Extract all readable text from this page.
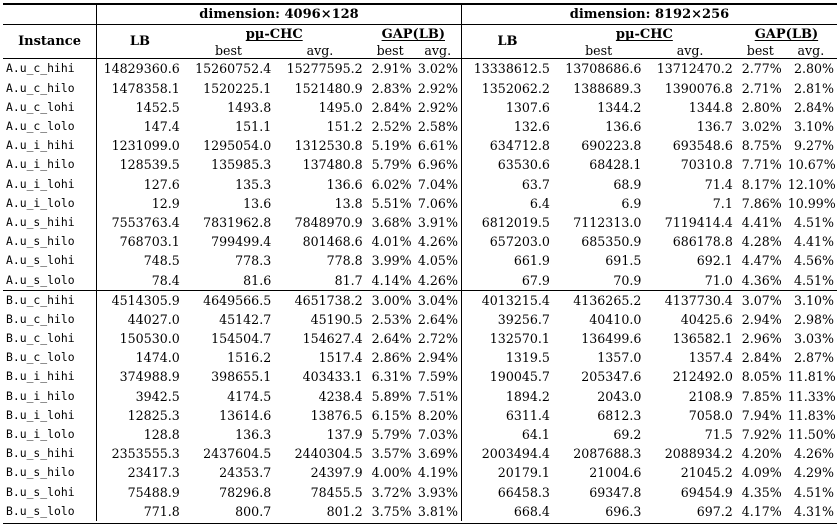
	dimension: 4096×128					dimension: 8192×256				
Instance	LB	pμ-CHC		GAP(LB)		LB	pμ-CHC		GAP(LB)	
		best	avg.	best	avg.		best	avg.	best	avg.
A.u_c_hihi	14829360.6	15260752.4	15277595.2	2.91%	3.02%	13338612.5	13708686.6	13712470.2	2.77%	2.80%
A.u_c_hilo	1478358.1	1520225.1	1521480.9	2.83%	2.92%	1352062.2	1388689.3	1390076.8	2.71%	2.81%
A.u_c_lohi	1452.5	1493.8	1495.0	2.84%	2.92%	1307.6	1344.2	1344.8	2.80%	2.84%
A.u_c_lolo	147.4	151.1	151.2	2.52%	2.58%	132.6	136.6	136.7	3.02%	3.10%
A.u_i_hihi	1231099.0	1295054.0	1312530.8	5.19%	6.61%	634712.8	690223.8	693548.6	8.75%	9.27%
A.u_i_hilo	128539.5	135985.3	137480.8	5.79%	6.96%	63530.6	68428.1	70310.8	7.71%	10.67%
A.u_i_lohi	127.6	135.3	136.6	6.02%	7.04%	63.7	68.9	71.4	8.17%	12.10%
A.u_i_lolo	12.9	13.6	13.8	5.51%	7.06%	6.4	6.9	7.1	7.86%	10.99%
A.u_s_hihi	7553763.4	7831962.8	7848970.9	3.68%	3.91%	6812019.5	7112313.0	7119414.4	4.41%	4.51%
A.u_s_hilo	768703.1	799499.4	801468.6	4.01%	4.26%	657203.0	685350.9	686178.8	4.28%	4.41%
A.u_s_lohi	748.5	778.3	778.8	3.99%	4.05%	661.9	691.5	692.1	4.47%	4.56%
A.u_s_lolo	78.4	81.6	81.7	4.14%	4.26%	67.9	70.9	71.0	4.36%	4.51%
B.u_c_hihi	4514305.9	4649566.5	4651738.2	3.00%	3.04%	4013215.4	4136265.2	4137730.4	3.07%	3.10%
B.u_c_hilo	44027.0	45142.7	45190.5	2.53%	2.64%	39256.7	40410.0	40425.6	2.94%	2.98%
B.u_c_lohi	150530.0	154504.7	154627.4	2.64%	2.72%	132570.1	136499.6	136582.1	2.96%	3.03%
B.u_c_lolo	1474.0	1516.2	1517.4	2.86%	2.94%	1319.5	1357.0	1357.4	2.84%	2.87%
B.u_i_hihi	374988.9	398655.1	403433.1	6.31%	7.59%	190045.7	205347.6	212492.0	8.05%	11.81%
B.u_i_hilo	3942.5	4174.5	4238.4	5.89%	7.51%	1894.2	2043.0	2108.9	7.85%	11.33%
B.u_i_lohi	12825.3	13614.6	13876.5	6.15%	8.20%	6311.4	6812.3	7058.0	7.94%	11.83%
B.u_i_lolo	128.8	136.3	137.9	5.79%	7.03%	64.1	69.2	71.5	7.92%	11.50%
B.u_s_hihi	2353555.3	2437604.5	2440304.5	3.57%	3.69%	2003494.4	2087688.3	2088934.2	4.20%	4.26%
B.u_s_hilo	23417.3	24353.7	24397.9	4.00%	4.19%	20179.1	21004.6	21045.2	4.09%	4.29%
B.u_s_lohi	75488.9	78296.8	78455.5	3.72%	3.93%	66458.3	69347.8	69454.9	4.35%	4.51%
B.u_s_lolo	771.8	800.7	801.2	3.75%	3.81%	668.4	696.3	697.2	4.17%	4.31%
